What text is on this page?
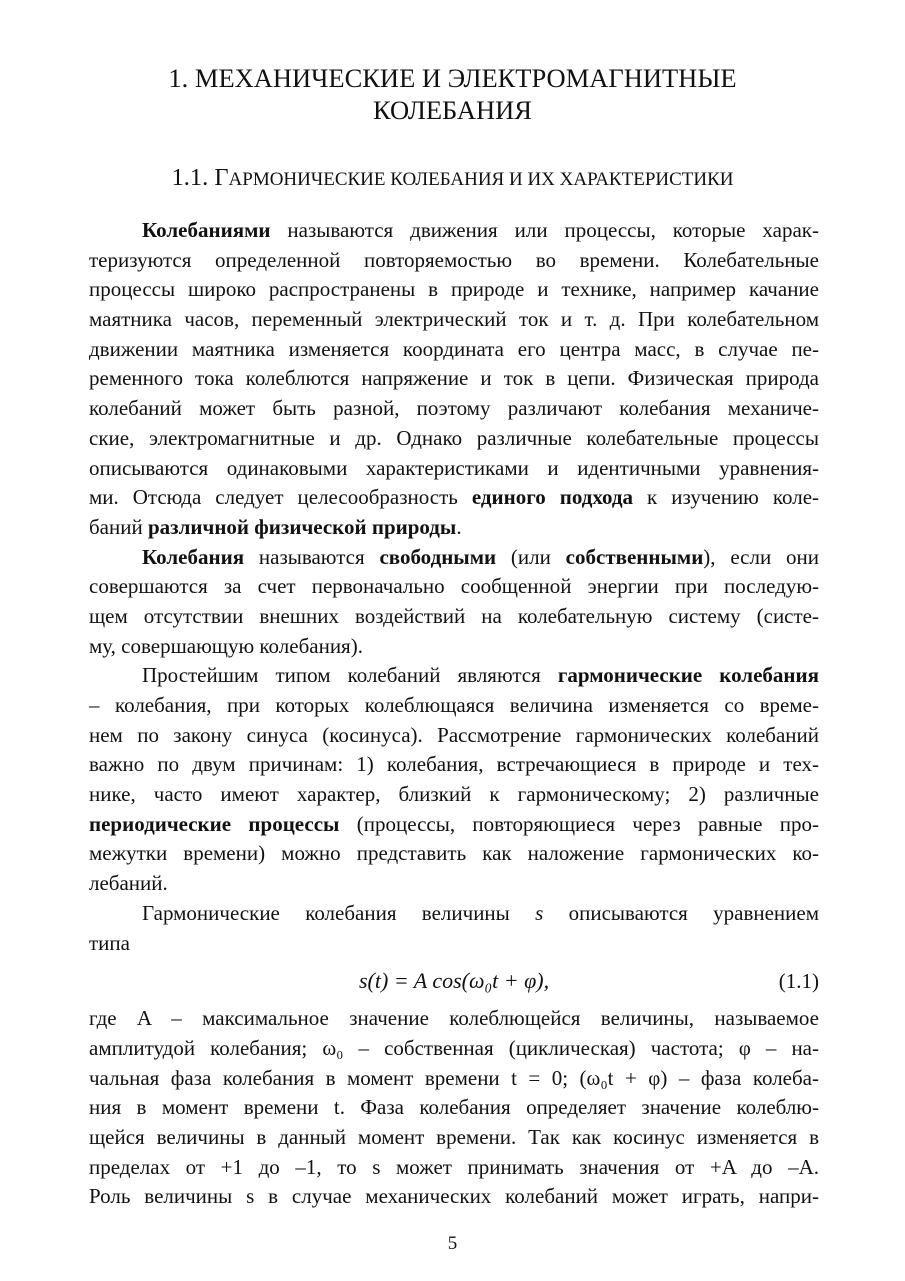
1. МЕХАНИЧЕСКИЕ И ЭЛЕКТРОМАГНИТНЫЕ
КОЛЕБАНИЯ
1.1. ГАРМОНИЧЕСКИЕ КОЛЕБАНИЯ И ИХ ХАРАКТЕРИСТИКИ
Колебаниями называются движения или процессы, которые харак-
теризуются определенной повторяемостью во времени. Колебательные
процессы широко распространены в природе и технике, например качание
маятника часов, переменный электрический ток и т. д. При колебательном
движении маятника изменяется координата его центра масс, в случае пе-
ременного тока колеблются напряжение и ток в цепи. Физическая природа
колебаний может быть разной, поэтому различают колебания механиче-
ские, электромагнитные и др. Однако различные колебательные процессы
описываются одинаковыми характеристиками и идентичными уравнения-
ми. Отсюда следует целесообразность единого подхода к изучению коле-
баний различной физической природы.
Колебания называются свободными (или собственными), если они
совершаются за счет первоначально сообщенной энергии при последую-
щем отсутствии внешних воздействий на колебательную систему (систе-
му, совершающую колебания).
Простейшим типом колебаний являются гармонические колебания
– колебания, при которых колеблющаяся величина изменяется со време-
нем по закону синуса (косинуса). Рассмотрение гармонических колебаний
важно по двум причинам: 1) колебания, встречающиеся в природе и тех-
нике, часто имеют характер, близкий к гармоническому; 2) различные
периодические процессы (процессы, повторяющиеся через равные про-
межутки времени) можно представить как наложение гармонических ко-
лебаний.
Гармонические колебания величины s описываются уравнением
типа
s(t) = A cos(ω₀t + φ),	(1.1)
где A – максимальное значение колеблющейся величины, называемое
амплитудой колебания; ω₀ – собственная (циклическая) частота; φ – на-
чальная фаза колебания в момент времени t = 0; (ω₀t + φ) – фаза колеба-
ния в момент времени t. Фаза колебания определяет значение колеблю-
щейся величины в данный момент времени. Так как косинус изменяется в
пределах от +1 до –1, то s может принимать значения от +A до –A.
Роль величины s в случае механических колебаний может играть, напри-
5
